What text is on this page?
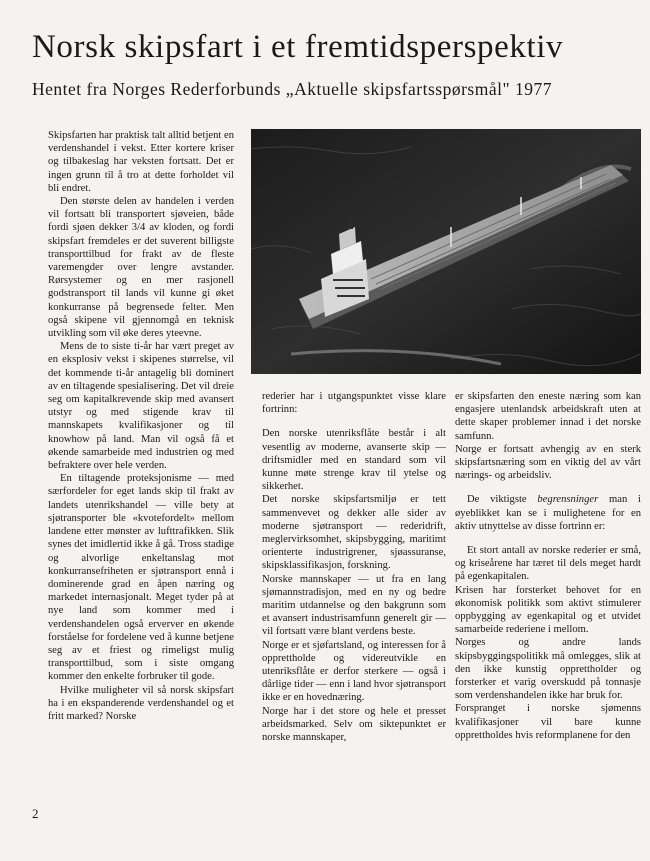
Norsk skipsfart i et fremtidsperspektiv
Hentet fra Norges Rederforbunds „Aktuelle skipsfartsspørsmål" 1977

Skipsfarten har praktisk talt alltid betjent en verdenshandel i vekst. Etter kortere kriser og tilbakeslag har veksten fortsatt. Det er ingen grunn til å tro at dette forholdet vil bli endret.

Den største delen av handelen i verden vil fortsatt bli transportert sjøveien, både fordi sjøen dekker 3/4 av kloden, og fordi skipsfart fremdeles er det suverent billigste transporttilbud for frakt av de fleste varemengder over lengre avstander. Rørsystemer og en mer rasjonell godstransport til lands vil kunne gi øket konkurranse på begrensede felter. Men også skipene vil gjennomgå en teknisk utvikling som vil øke deres yteevne.

Mens de to siste ti-år har vært preget av en eksplosiv vekst i skipenes størrelse, vil det kommende ti-år antagelig bli dominert av en tiltagende spesialisering. Det vil dreie seg om kapitalkrevende skip med avansert utstyr og med stigende krav til mannskapets kvalifikasjoner og til knowhow på land. Man vil også få et økende samarbeide med industrien og med befraktere over hele verden.

En tiltagende proteksjonisme — med særfordeler for eget lands skip til frakt av landets utenrikshandel — ville bety at sjøtransporter ble «kvotefordelt» mellom landene etter mønster av lufttrafikken. Slik synes det imidlertid ikke å gå. Tross stadige og alvorlige enkeltanslag mot konkurransefriheten er sjøtransport ennå i dominerende grad en åpen næring og markedet internasjonalt. Meget tyder på at nye land som kommer med i verdenshandelen også erverver en økende forståelse for fordelene ved å kunne betjene seg av et friest og rimeligst mulig transporttilbud, som i siste omgang kommer den enkelte forbruker til gode.

Hvilke muligheter vil så norsk skipsfart ha i en ekspanderende verdenshandel og et fritt marked? Norske

rederier har i utgangspunktet visse klare fortrinn:

Den norske utenriksflåte består i alt vesentlig av moderne, avanserte skip — driftsmidler med en standard som vil kunne møte strenge krav til ytelse og sikkerhet.

Det norske skipsfartsmiljø er tett sammenvevet og dekker alle sider av moderne sjøtransport — rederidrift, meglervirksomhet, skipsbygging, maritimt orienterte industrigrener, sjøassuranse, skipsklassifikasjon, forskning.

Norske mannskaper — ut fra en lang sjømannstradisjon, med en ny og bedre maritim utdannelse og den bakgrunn som et avansert industrisamfunn generelt gir — vil fortsatt være blant verdens beste.

Norge er et sjøfartsland, og interessen for å opprettholde og videreutvikle en utenriksflåte er derfor sterkere — også i dårlige tider — enn i land hvor sjøtransport ikke er en hovednæring.

Norge har i det store og hele et presset arbeidsmarked. Selv om siktepunktet er norske mannskaper,

er skipsfarten den eneste næring som kan engasjere utenlandsk arbeidskraft uten at dette skaper problemer innad i det norske samfunn.

Norge er fortsatt avhengig av en sterk skipsfartsnæring som en viktig del av vårt nærings- og arbeidsliv.

De viktigste begrensninger man i øyeblikket kan se i mulighetene for en aktiv utnyttelse av disse fortrinn er:

Et stort antall av norske rederier er små, og kriseårene har tæret til dels meget hardt på egenkapitalen.

Krisen har forsterket behovet for en økonomisk politikk som aktivt stimulerer oppbygging av egenkapital og et utvidet samarbeide rederiene i mellom.

Norges og andre lands skipsbyggingspolitikk må omlegges, slik at den ikke kunstig opprettholder og forsterker et varig overskudd på tonnasje som verdenshandelen ikke har bruk for.

Forspranget i norske sjømenns kvalifikasjoner vil bare kunne opprettholdes hvis reformplanene for den

2
